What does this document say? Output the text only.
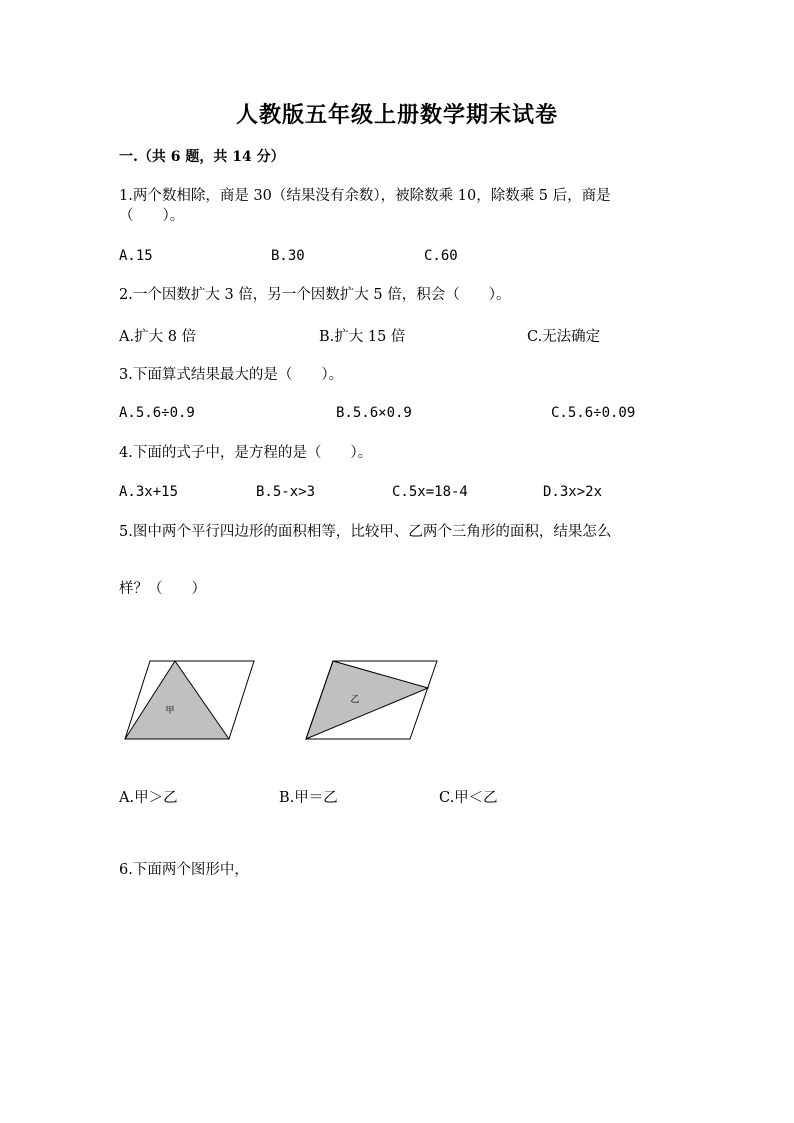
人教版五年级上册数学期末试卷
一.（共 6 题，共 14 分）
1.两个数相除，商是 30（结果没有余数），被除数乘 10，除数乘 5 后，商是
（　　）。
A.15	B.30	C.60
2.一个因数扩大 3 倍，另一个因数扩大 5 倍，积会（　　）。
A.扩大 8 倍	B.扩大 15 倍	C.无法确定
3.下面算式结果最大的是（　　）。
A.5.6÷0.9	B.5.6×0.9	C.5.6÷0.09
4.下面的式子中，是方程的是（　　）。
A.3x+15	B.5-x>3	C.5x=18-4	D.3x>2x
5.图中两个平行四边形的面积相等，比较甲、乙两个三角形的面积，结果怎么
样？（　　）
甲
乙
A.甲＞乙	B.甲＝乙	C.甲＜乙
6.下面两个图形中，
